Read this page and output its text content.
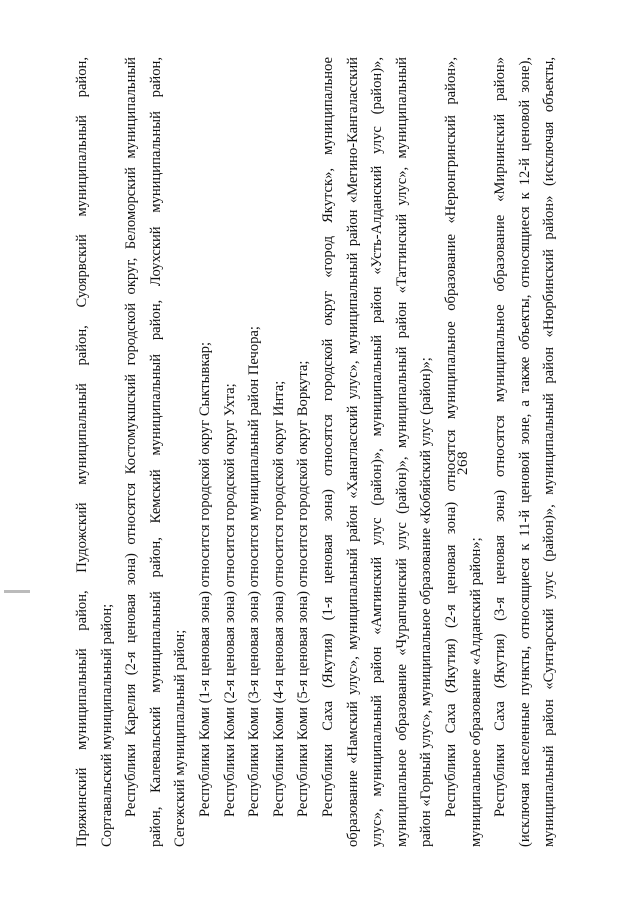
268
Пряжинский муниципальный район, Пудожский муниципальный район, Суоярвский муниципальный район, Сортавальский муниципальный район; Республики Карелия (2-я ценовая зона) относятся Костомукшский городской округ, Беломорский муниципальный район, Калевальский муниципальный район, Кемский муниципальный район, Лоухский муниципальный район, Сегежский муниципальный район; Республики Коми (1-я ценовая зона) относится городской округ Сыктывкар; Республики Коми (2-я ценовая зона) относится городской округ Ухта; Республики Коми (3-я ценовая зона) относится муниципальный район Печора; Республики Коми (4-я ценовая зона) относится городской округ Инта; Республики Коми (5-я ценовая зона) относится городской округ Воркута; Республики Саха (Якутия) (1-я ценовая зона) относятся городской округ «город Якутск», муниципальное образование «Намский улус», муниципальный район «Ханагласский улус», муниципальный район «Мегино-Кангаласский улус», муниципальный район «Амгинский улус (район)», муниципальный район «Усть-Алданский улус (район)», муниципальное образование «Чурапчинский улус (район)», муниципальный район «Таттинский улус», муниципальный район «Горный улус», муниципальное образование «Кобяйский улус (район)»; Республики Саха (Якутия) (2-я ценовая зона) относятся муниципальное образование «Нерюнгринский район», муниципальное образование «Алданский район»; Республики Саха (Якутия) (3-я ценовая зона) относятся муниципальное образование «Мирнинский район» (исключая населенные пункты, относящиеся к 11-й ценовой зоне, а также объекты, относящиеся к 12-й ценовой зоне), муниципальный район «Сунтарский улус (район)», муниципальный район «Нюрбинский район» (исключая объекты,
